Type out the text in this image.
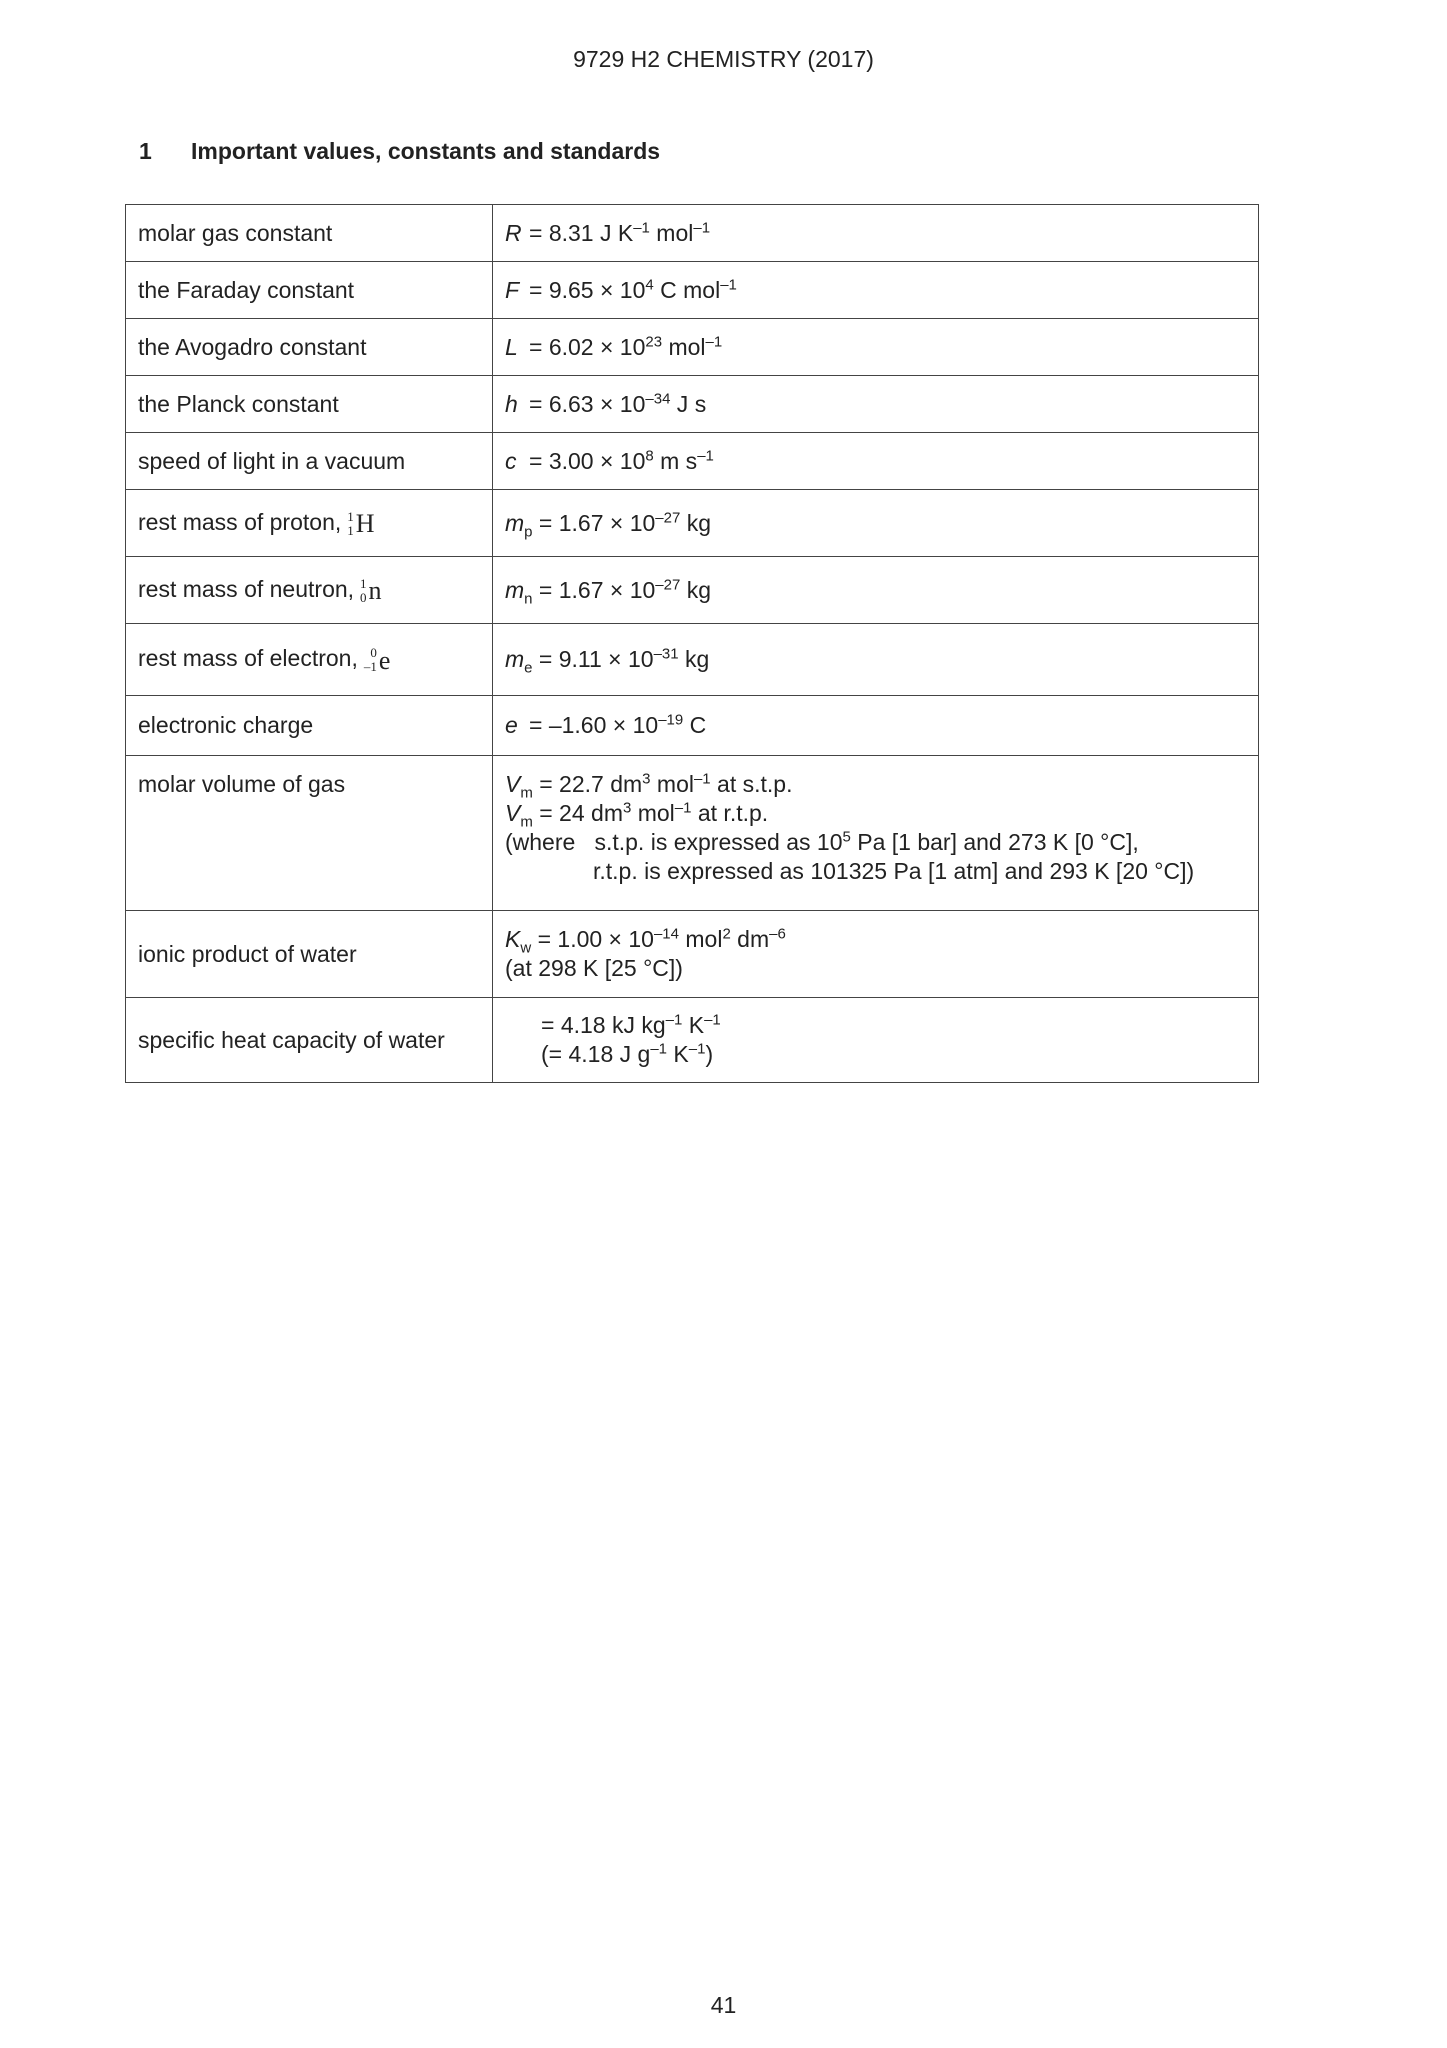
9729 H2 CHEMISTRY (2017)
1 Important values, constants and standards
molar gas constant	R = 8.31 J $K^{-1}$ mol$^{-1}$
the Faraday constant	$F = 9.65 \times 10^4$ C mol$^{-1}$
the Avogadro constant	$L = 6.02 \times 10^{23}$ mol$^{-1}$
the Planck constant	$h = 6.63 \times 10^{-34}$ J s
speed of light in a vacuum	$c = 3.00 \times 10^8$ m $s^{-1}$
rest mass of proton, 1
1 H	$m_p = 1.67 \times 10^{-27}$ kg
rest mass of neutron, 1
0 n	$m_n = 1.67 \times 10^{-27}$ kg
rest mass of electron, 0
–1 e	$m_e = 9.11 \times 10^{-31}$ kg
electronic charge	$e = -1.60 \times 10^{-19}$ C
molar volume of gas	$V_m = 22.7$ $dm^3$ mol$^{-1}$ at s.t.p.
$V_m = 24$ $dm^3$ mol$^{-1}$ at r.t.p.
(where   s.t.p. is expressed as $10^5$ Pa [1 bar] and 273 K [0 °C],
r.t.p. is expressed as 101325 Pa [1 atm] and 293 K [20 °C])

ionic product of water	$K_w = 1.00 \times 10^{-14}$ mol$^2$ $dm^{-6}$
(at 298 K [25 °C])

specific heat capacity of water	= 4.18 kJ $kg^{-1}$ $K^{-1}$
(= 4.18 J $g^{-1}$ $K^{-1}$)
41
